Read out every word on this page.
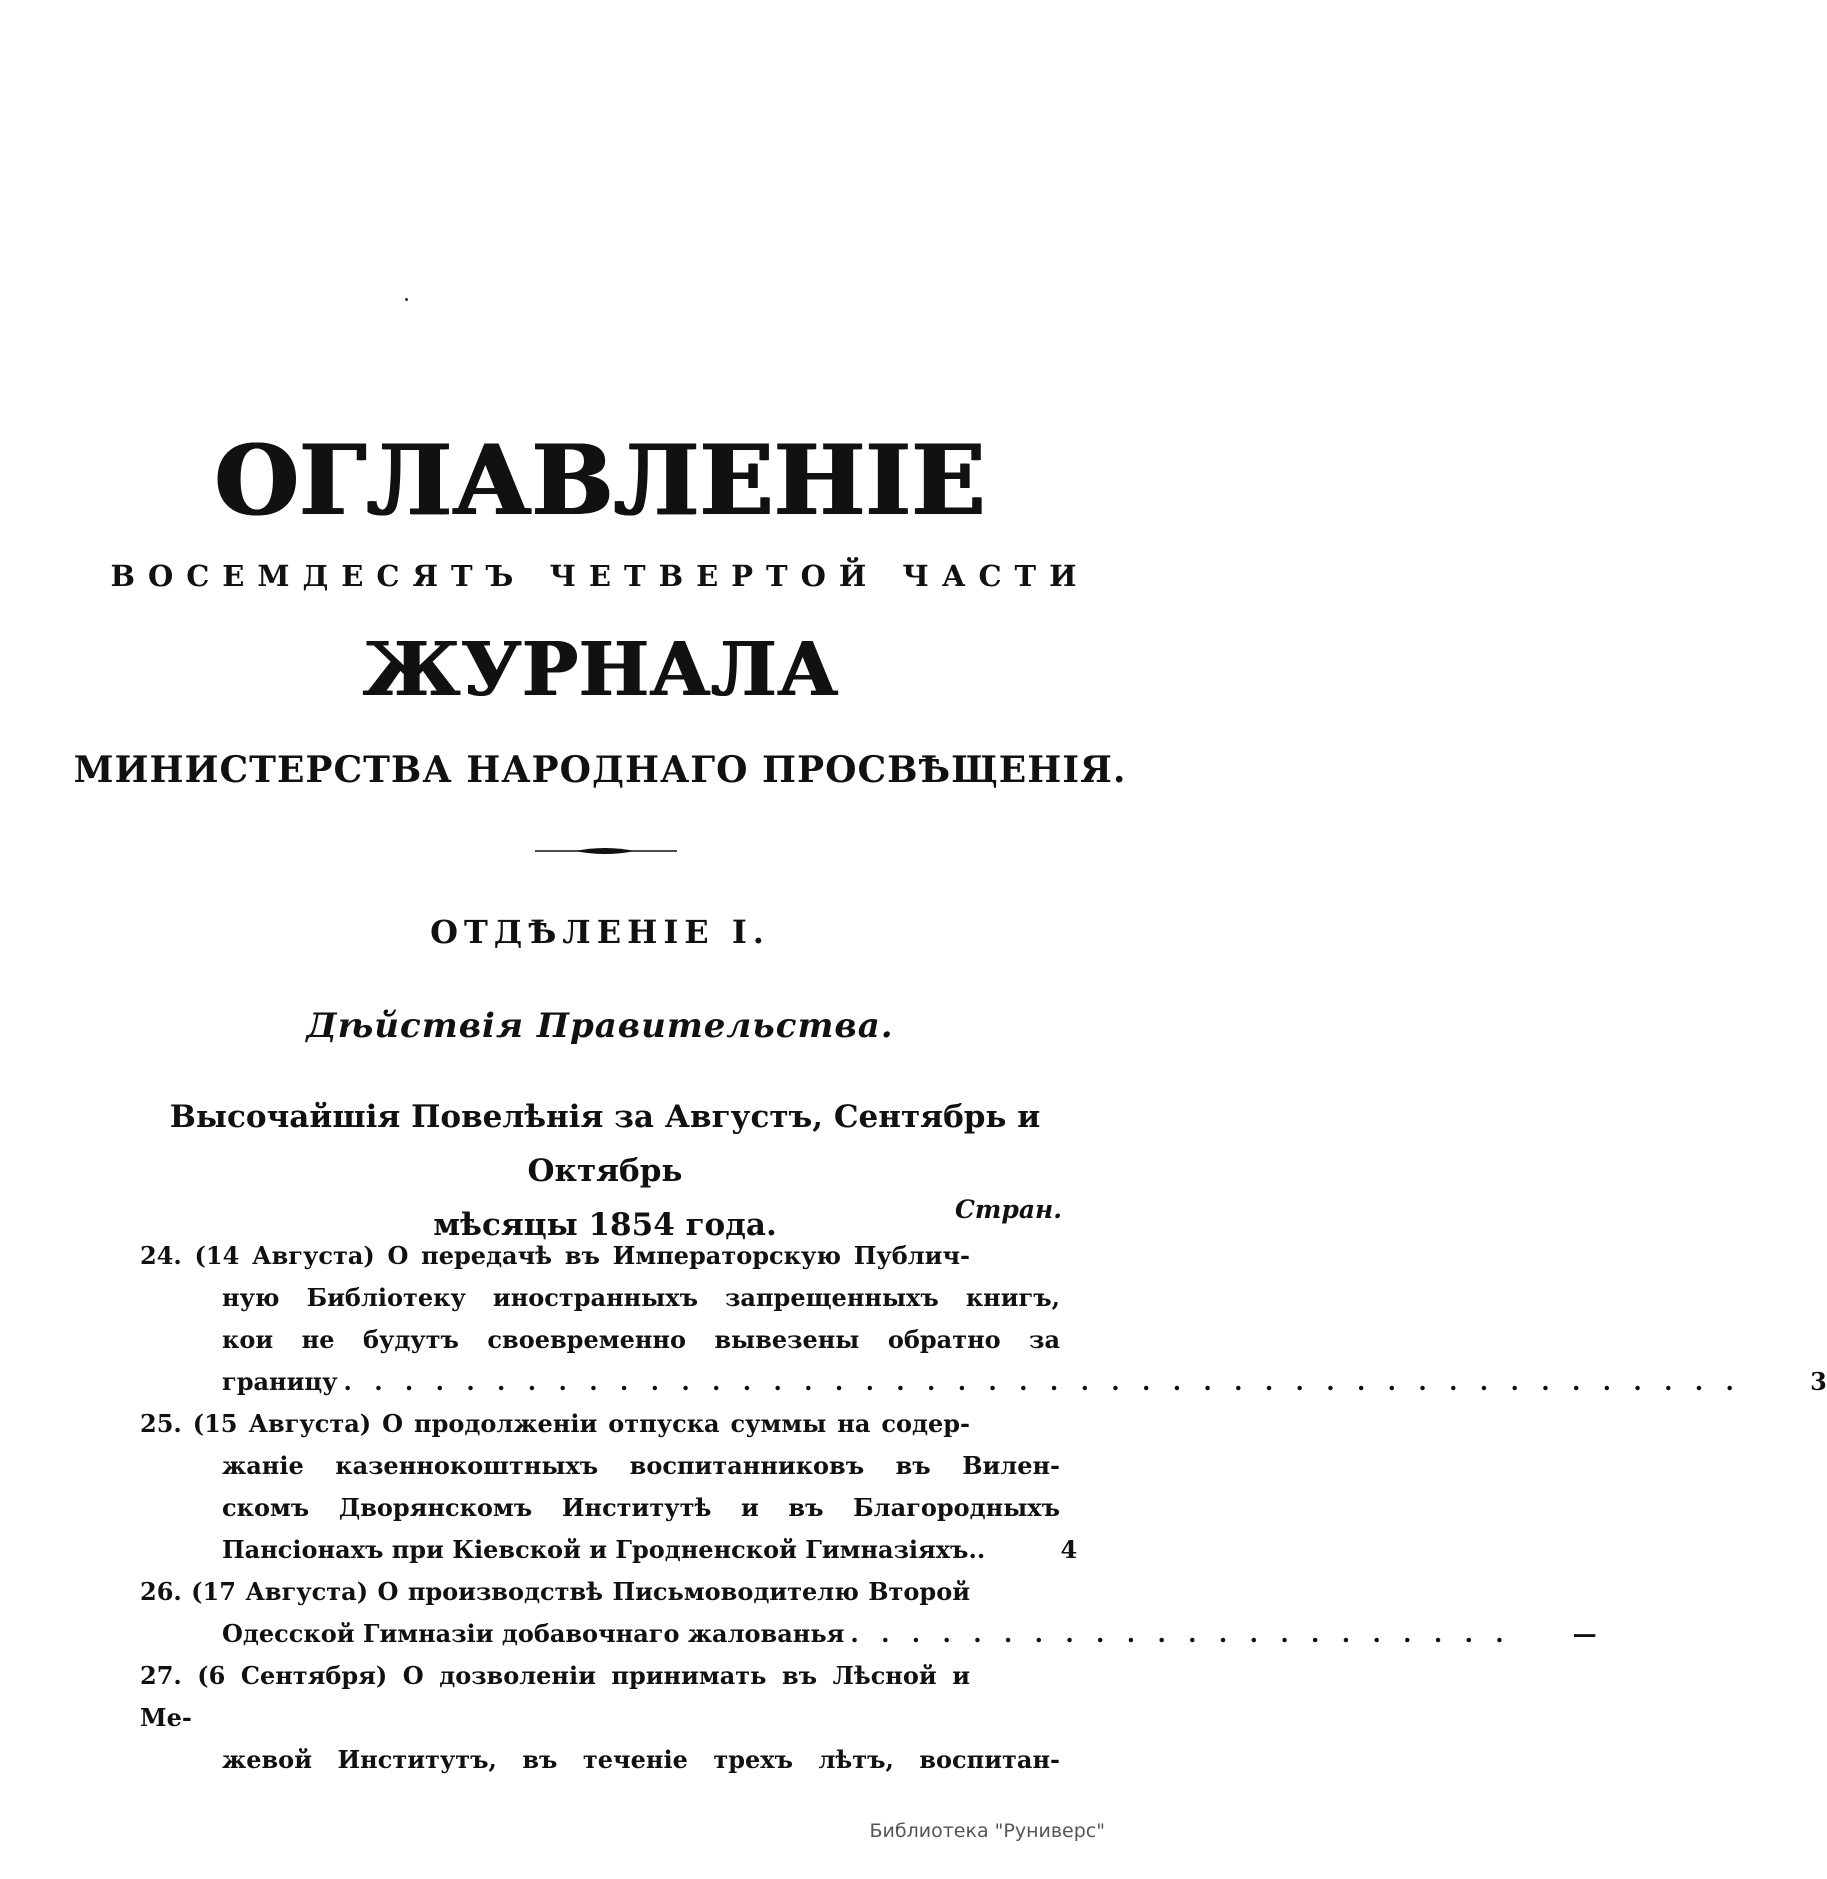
ОГЛАВЛЕНІЕ
ВОСЕМДЕСЯТЪ ЧЕТВЕРТОЙ ЧАСТИ
ЖУРНАЛА
МИНИСТЕРСТВА НАРОДНАГО ПРОСВѢЩЕНІЯ.
ОТДѢЛЕНІЕ І.
Дѣйствія Правительства.
Высочайшія Повелѣнія за Августъ, Сентябрь и Октябрь
мѣсяцы 1854 года.	Стран.
24. (14 Августа) О передачѣ въ Императорскую Публич-
ную Библіотеку иностранныхъ запрещенныхъ книгъ,
кои не будутъ своевременно вывезены обратно за
границу . . . . . . . . . . . . . . . . . . . . . . . . . . . . . . . . . . . . . . . . . . . . . .	3
25. (15 Августа) О продолженіи отпуска суммы на содер-
жаніе казеннокоштныхъ воспитанниковъ въ Вилен-
скомъ Дворянскомъ Институтѣ и въ Благородныхъ
Пансіонахъ при Кіевской и Гродненской Гимназіяхъ..	4
26. (17 Августа) О производствѣ Письмоводителю Второй
Одесской Гимназіи добавочнаго жалованья . . . . . . . . . . . . . . . . . . . . . .	—
27. (6 Сентября) О дозволеніи принимать въ Лѣсной и Ме-
жевой Институтъ, въ теченіе трехъ лѣтъ, воспитан-
Библиотека "Руниверс"
